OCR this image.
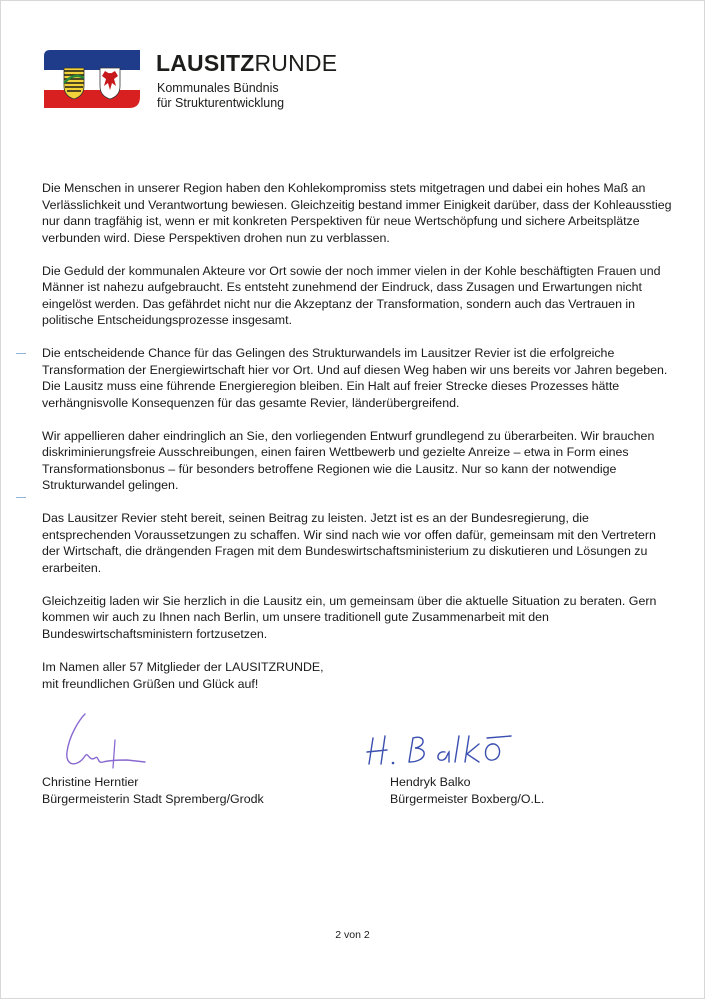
LAUSITZRUNDE
Kommunales Bündnis
für Strukturentwicklung

Die Menschen in unserer Region haben den Kohlekompromiss stets mitgetragen und dabei ein hohes Maß an Verlässlichkeit und Verantwortung bewiesen. Gleichzeitig bestand immer Einigkeit darüber, dass der Kohleausstieg nur dann tragfähig ist, wenn er mit konkreten Perspektiven für neue Wertschöpfung und sichere Arbeitsplätze verbunden wird. Diese Perspektiven drohen nun zu verblassen.

Die Geduld der kommunalen Akteure vor Ort sowie der noch immer vielen in der Kohle beschäftigten Frauen und Männer ist nahezu aufgebraucht. Es entsteht zunehmend der Eindruck, dass Zusagen und Erwartungen nicht eingelöst werden. Das gefährdet nicht nur die Akzeptanz der Transformation, sondern auch das Vertrauen in politische Entscheidungsprozesse insgesamt.

Die entscheidende Chance für das Gelingen des Strukturwandels im Lausitzer Revier ist die erfolgreiche Transformation der Energiewirtschaft hier vor Ort. Und auf diesen Weg haben wir uns bereits vor Jahren begeben. Die Lausitz muss eine führende Energieregion bleiben. Ein Halt auf freier Strecke dieses Prozesses hätte verhängnisvolle Konsequenzen für das gesamte Revier, länderübergreifend.

Wir appellieren daher eindringlich an Sie, den vorliegenden Entwurf grundlegend zu überarbeiten. Wir brauchen diskriminierungsfreie Ausschreibungen, einen fairen Wettbewerb und gezielte Anreize – etwa in Form eines Transformationsbonus – für besonders betroffene Regionen wie die Lausitz. Nur so kann der notwendige Strukturwandel gelingen.

Das Lausitzer Revier steht bereit, seinen Beitrag zu leisten. Jetzt ist es an der Bundesregierung, die entsprechenden Voraussetzungen zu schaffen. Wir sind nach wie vor offen dafür, gemeinsam mit den Vertretern der Wirtschaft, die drängenden Fragen mit dem Bundeswirtschaftsministerium zu diskutieren und Lösungen zu erarbeiten.

Gleichzeitig laden wir Sie herzlich in die Lausitz ein, um gemeinsam über die aktuelle Situation zu beraten. Gern kommen wir auch zu Ihnen nach Berlin, um unsere traditionell gute Zusammenarbeit mit den Bundeswirtschaftsministern fortzusetzen.

Im Namen aller 57 Mitglieder der LAUSITZRUNDE,
mit freundlichen Grüßen und Glück auf!
Christine Herntier
Bürgermeisterin Stadt Spremberg/Grodk
Hendryk Balko
Bürgermeister Boxberg/O.L.
2 von 2
